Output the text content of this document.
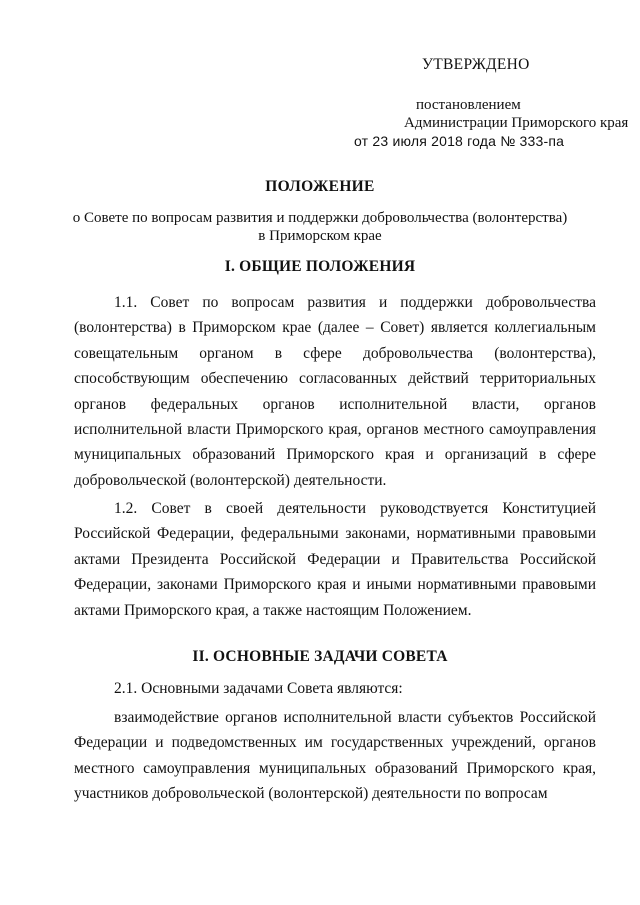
УТВЕРЖДЕНО
постановлением
Администрации Приморского края
от 23 июля 2018 года № 333-па
ПОЛОЖЕНИЕ
о Совете по вопросам развития и поддержки добровольчества (волонтерства)
в Приморском крае
I. ОБЩИЕ ПОЛОЖЕНИЯ
1.1. Совет по вопросам развития и поддержки добровольчества (волонтерства) в Приморском крае (далее – Совет) является коллегиальным совещательным органом в сфере добровольчества (волонтерства), способствующим обеспечению согласованных действий территориальных органов федеральных органов исполнительной власти, органов исполнительной власти Приморского края, органов местного самоуправления муниципальных образований Приморского края и организаций в сфере добровольческой (волонтерской) деятельности.
1.2. Совет в своей деятельности руководствуется Конституцией Российской Федерации, федеральными законами, нормативными правовыми актами Президента Российской Федерации и Правительства Российской Федерации, законами Приморского края и иными нормативными правовыми актами Приморского края, а также настоящим Положением.
II. ОСНОВНЫЕ ЗАДАЧИ СОВЕТА
2.1. Основными задачами Совета являются:
взаимодействие органов исполнительной власти субъектов Российской Федерации и подведомственных им государственных учреждений, органов местного самоуправления муниципальных образований Приморского края, участников добровольческой (волонтерской) деятельности по вопросам
